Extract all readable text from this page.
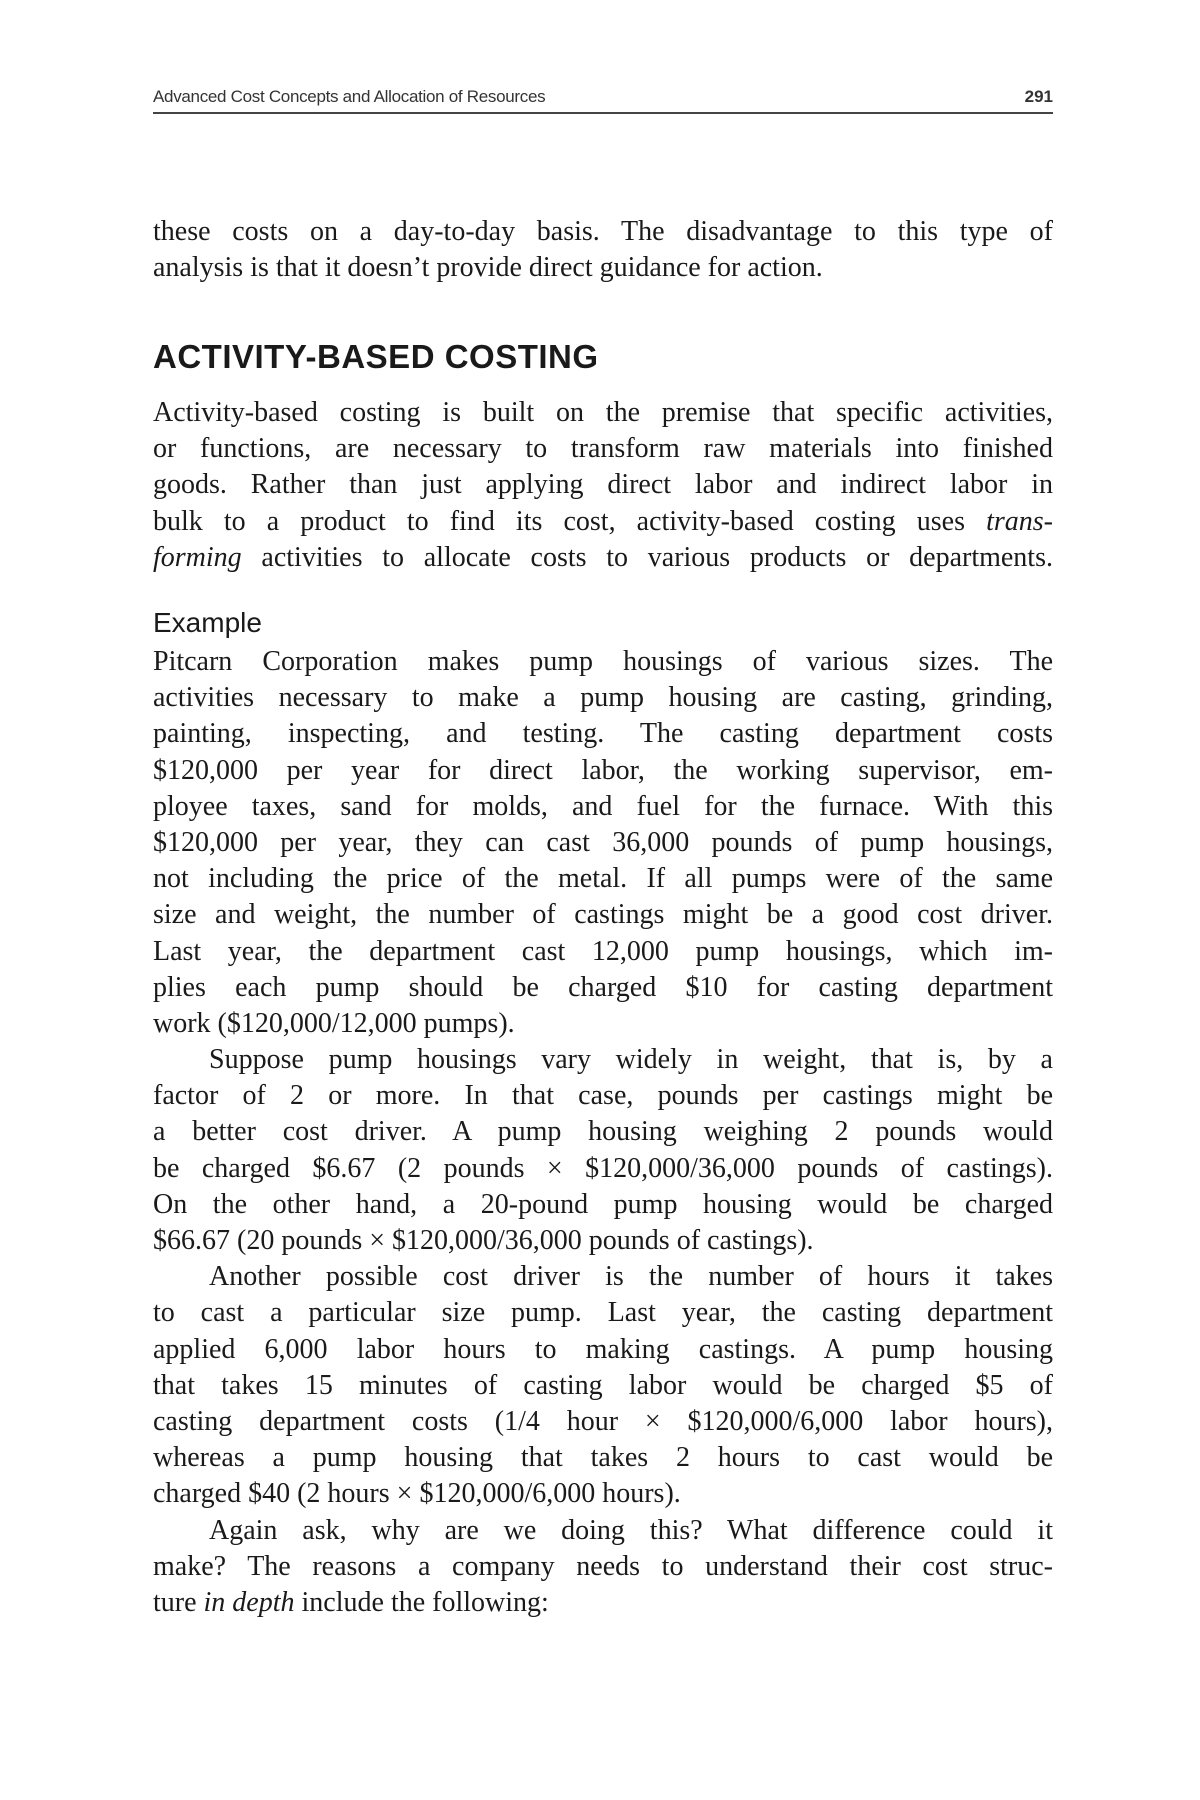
Advanced Cost Concepts and Allocation of Resources	291
these costs on a day-to-day basis. The disadvantage to this type of
analysis is that it doesn’t provide direct guidance for action.
ACTIVITY-BASED COSTING
Activity-based costing is built on the premise that specific activities,
or functions, are necessary to transform raw materials into finished
goods. Rather than just applying direct labor and indirect labor in
bulk to a product to find its cost, activity-based costing uses trans-
forming activities to allocate costs to various products or departments.
Example
Pitcarn Corporation makes pump housings of various sizes. The
activities necessary to make a pump housing are casting, grinding,
painting, inspecting, and testing. The casting department costs
$120,000 per year for direct labor, the working supervisor, em-
ployee taxes, sand for molds, and fuel for the furnace. With this
$120,000 per year, they can cast 36,000 pounds of pump housings,
not including the price of the metal. If all pumps were of the same
size and weight, the number of castings might be a good cost driver.
Last year, the department cast 12,000 pump housings, which im-
plies each pump should be charged $10 for casting department
work ($120,000/12,000 pumps).
Suppose pump housings vary widely in weight, that is, by a
factor of 2 or more. In that case, pounds per castings might be
a better cost driver. A pump housing weighing 2 pounds would
be charged $6.67 (2 pounds × $120,000/36,000 pounds of castings).
On the other hand, a 20-pound pump housing would be charged
$66.67 (20 pounds × $120,000/36,000 pounds of castings).
Another possible cost driver is the number of hours it takes
to cast a particular size pump. Last year, the casting department
applied 6,000 labor hours to making castings. A pump housing
that takes 15 minutes of casting labor would be charged $5 of
casting department costs (1/4 hour × $120,000/6,000 labor hours),
whereas a pump housing that takes 2 hours to cast would be
charged $40 (2 hours × $120,000/6,000 hours).
Again ask, why are we doing this? What difference could it
make? The reasons a company needs to understand their cost struc-
ture in depth include the following:
